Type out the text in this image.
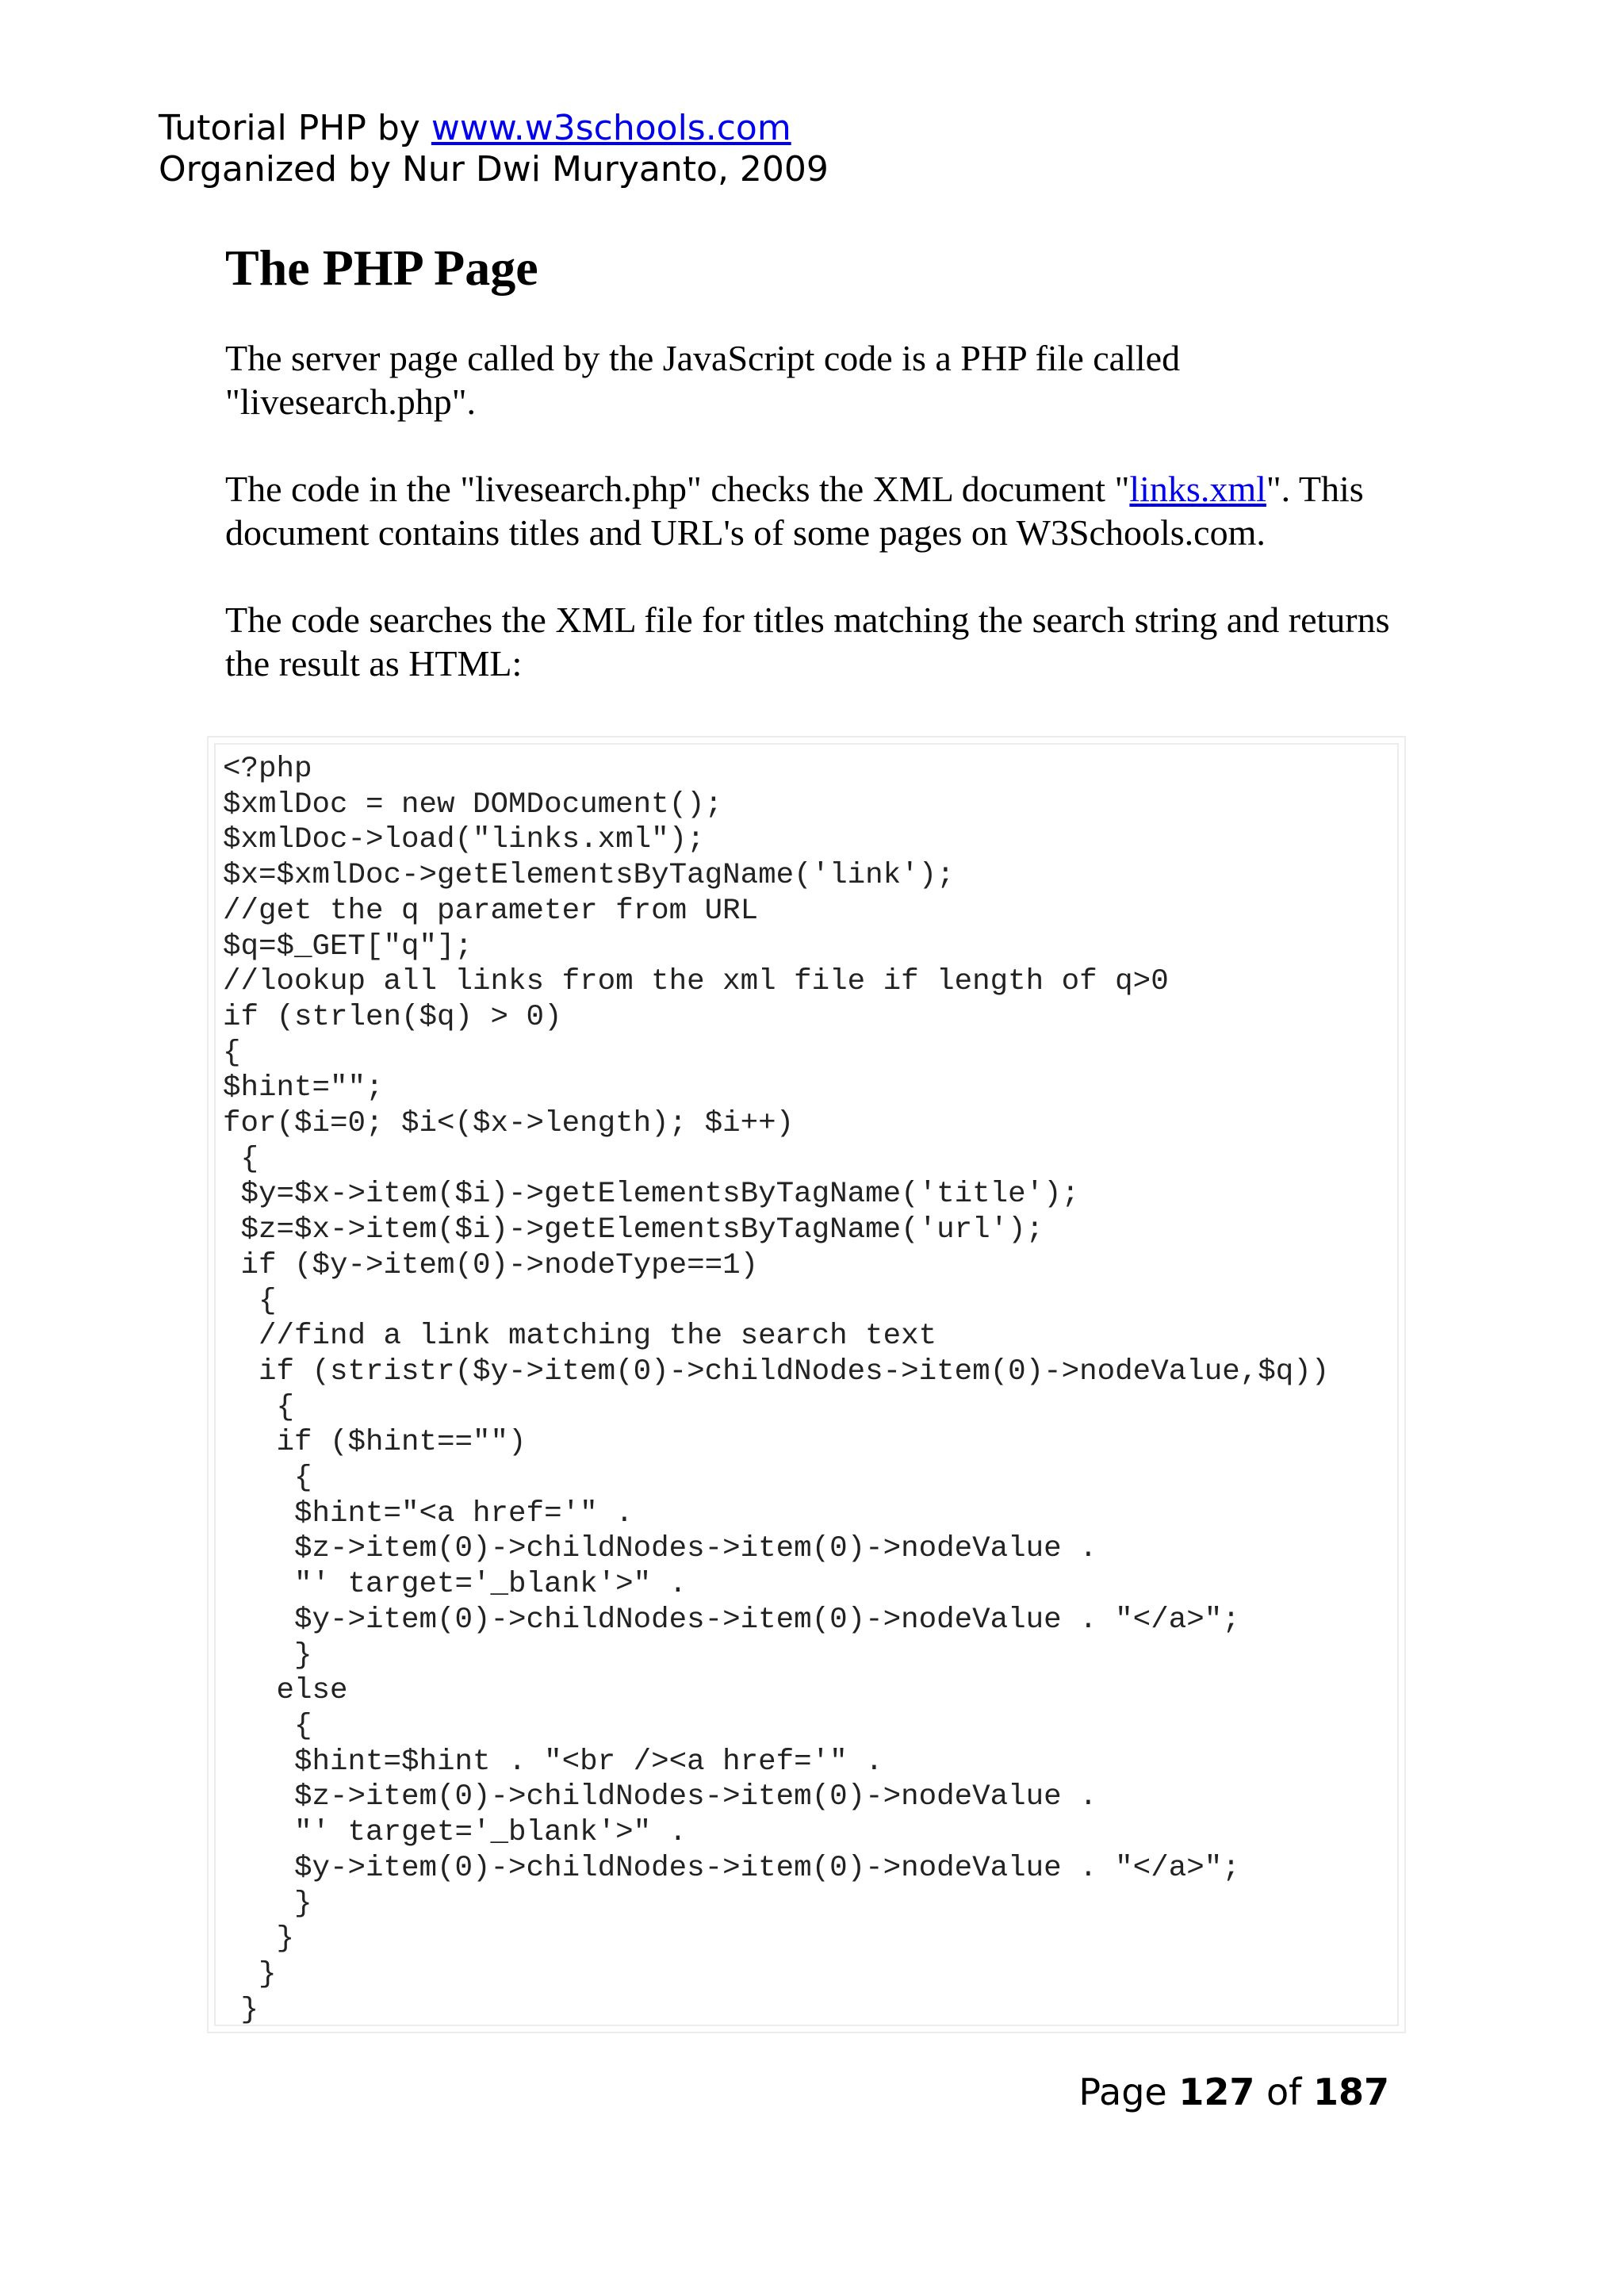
Tutorial PHP by www.w3schools.com
Organized by Nur Dwi Muryanto, 2009
The PHP Page

The server page called by the JavaScript code is a PHP file called "livesearch.php".

The code in the "livesearch.php" checks the XML document "links.xml". This document contains titles and URL's of some pages on W3Schools.com.

The code searches the XML file for titles matching the search string and returns the result as HTML:

<?php
$xmlDoc = new DOMDocument();
$xmlDoc->load("links.xml");
$x=$xmlDoc->getElementsByTagName('link');
//get the q parameter from URL
$q=$_GET["q"];
//lookup all links from the xml file if length of q>0
if (strlen($q) > 0)
{
$hint="";
for($i=0; $i<($x->length); $i++)
{
$y=$x->item($i)->getElementsByTagName('title');
$z=$x->item($i)->getElementsByTagName('url');
if ($y->item(0)->nodeType==1)
{
//find a link matching the search text
if (stristr($y->item(0)->childNodes->item(0)->nodeValue,$q))
{
if ($hint=="")
{
$hint="<a href='" .
$z->item(0)->childNodes->item(0)->nodeValue .
"' target='_blank'>" .
$y->item(0)->childNodes->item(0)->nodeValue . "</a>";
}
else
{
$hint=$hint . "<br /><a href='" .
$z->item(0)->childNodes->item(0)->nodeValue .
"' target='_blank'>" .
$y->item(0)->childNodes->item(0)->nodeValue . "</a>";
}
}
}
}
Page 127 of 187
